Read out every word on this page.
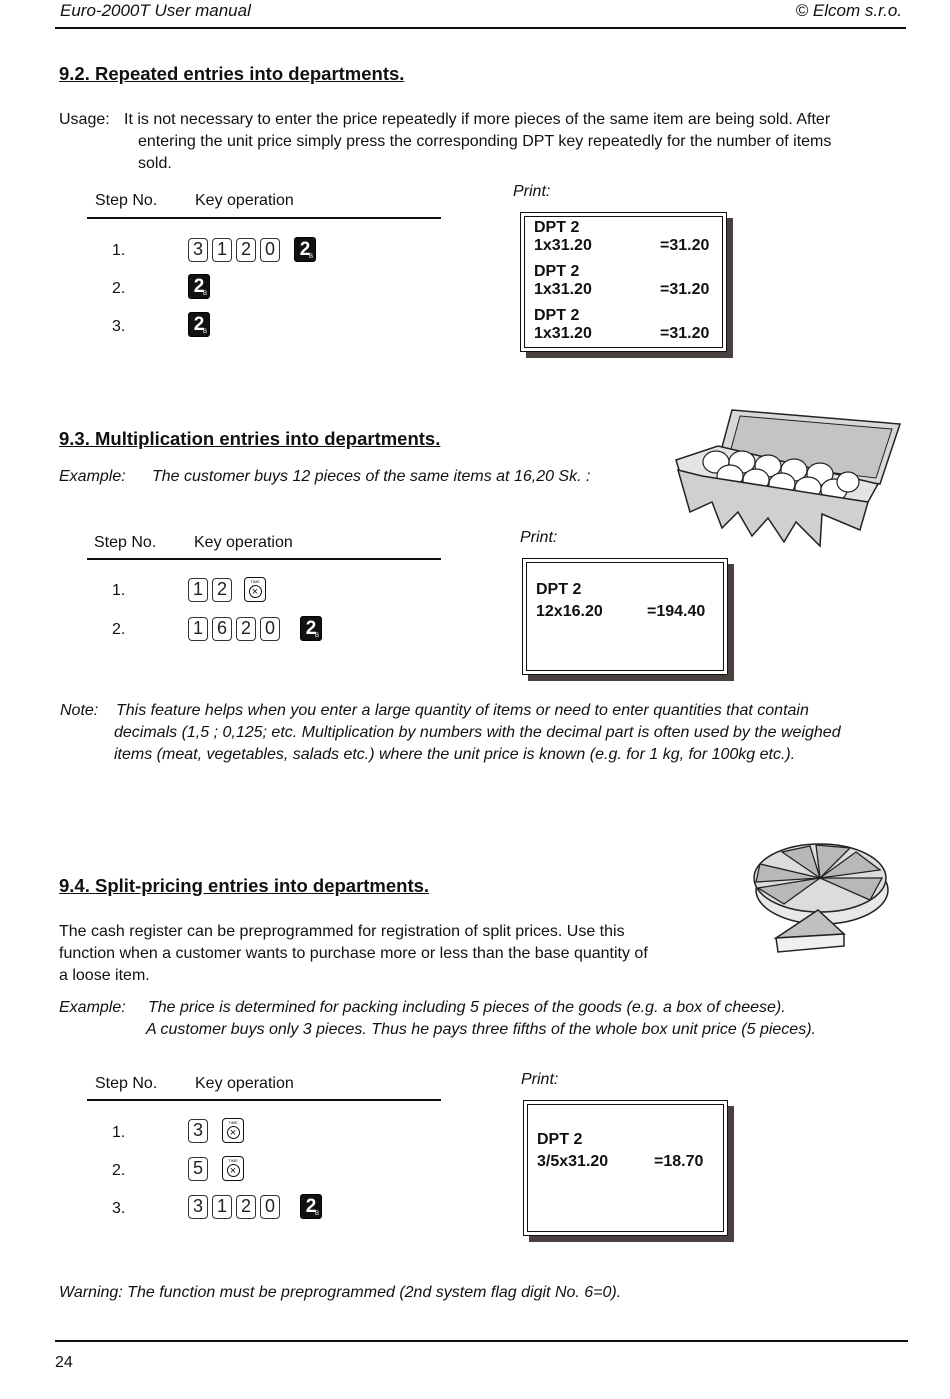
Euro-2000T User manual	© Elcom s.r.o.
9.2. Repeated entries into departments.
Usage: It is not necessary to enter the price repeatedly if more pieces of the same item are being sold. After
entering the unit price simply press the corresponding DPT key repeatedly for the number of items
sold.
Step No. Key operation
Print:
1.	3 1 2 0 2
B
2.	2
B
3.	2
B
DPT 2
1x31.20	=31.20
DPT 2
1x31.20	=31.20
DPT 2
1x31.20	=31.20
9.3. Multiplication entries into departments.
Example: The customer buys 12 pieces of the same items at 16,20 Sk. :
Step No. Key operation	Print:
1.	1 2	TIME
×
2.	1 6 2 0 2
B
DPT 2
12x16.20	=194.40
Note: This feature helps when you enter a large quantity of items or need to enter quantities that contain
decimals (1,5 ; 0,125; etc. Multiplication by numbers with the decimal part is often used by the weighed
items (meat, vegetables, salads etc.) where the unit price is known (e.g. for 1 kg, for 100kg etc.).
9.4. Split-pricing entries into departments.
The cash register can be preprogrammed for registration of split prices. Use this
function when a customer wants to purchase more or less than the base quantity of
a loose item.
Example: The price is determined for packing including 5 pieces of the goods (e.g. a box of cheese).
A customer buys only 3 pieces. Thus he pays three fifths of the whole box unit price (5 pieces).
Step No. Key operation	Print:
1.	3	TIME
×
2.	5	TIME
×
3.	3 1 2 0 2
B
DPT 2
3/5x31.20	=18.70
Warning: The function must be preprogrammed (2nd system flag digit No. 6=0).
24
